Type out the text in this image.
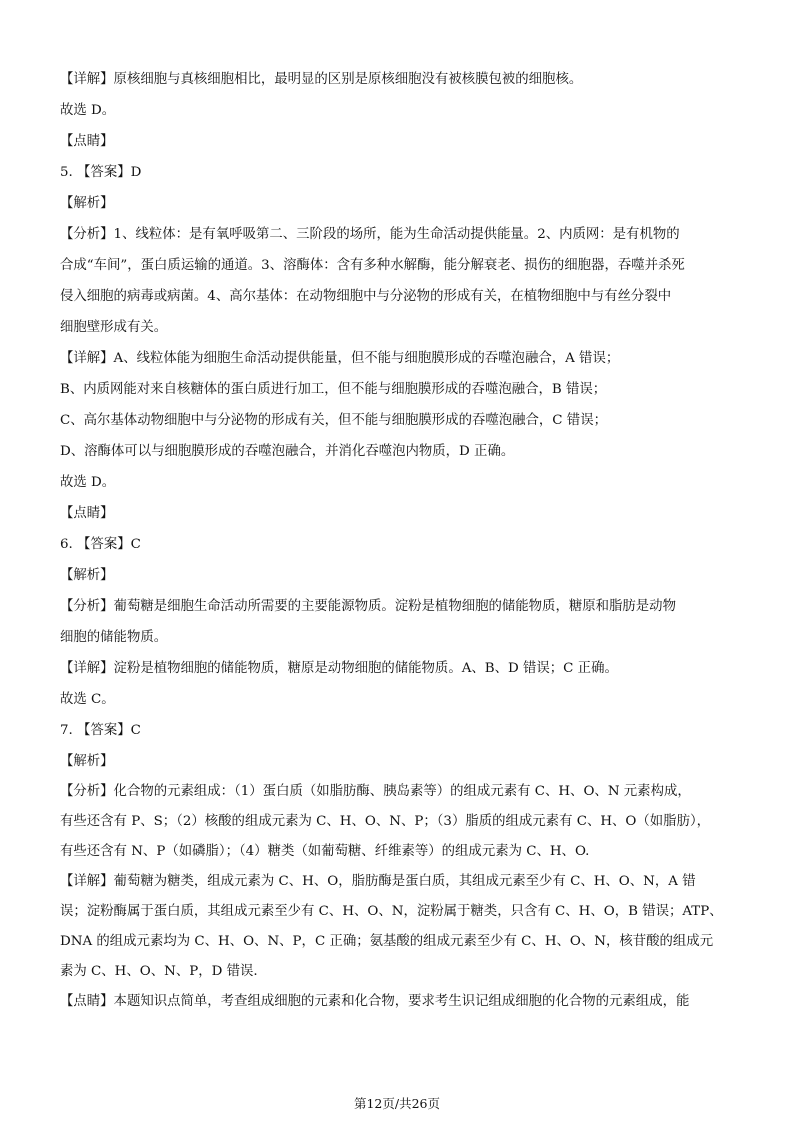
【详解】原核细胞与真核细胞相比，最明显的区别是原核细胞没有被核膜包被的细胞核。
故选 D。
【点睛】
5. 【答案】D
【解析】
【分析】1、线粒体：是有氧呼吸第二、三阶段的场所，能为生命活动提供能量。2、内质网：是有机物的
合成“车间”，蛋白质运输的通道。3、溶酶体：含有多种水解酶，能分解衰老、损伤的细胞器，吞噬并杀死
侵入细胞的病毒或病菌。4、高尔基体：在动物细胞中与分泌物的形成有关，在植物细胞中与有丝分裂中
细胞壁形成有关。
【详解】A、线粒体能为细胞生命活动提供能量，但不能与细胞膜形成的吞噬泡融合，A 错误；
B、内质网能对来自核糖体的蛋白质进行加工，但不能与细胞膜形成的吞噬泡融合，B 错误；
C、高尔基体动物细胞中与分泌物的形成有关，但不能与细胞膜形成的吞噬泡融合，C 错误；
D、溶酶体可以与细胞膜形成的吞噬泡融合，并消化吞噬泡内物质，D 正确。
故选 D。
【点睛】
6. 【答案】C
【解析】
【分析】葡萄糖是细胞生命活动所需要的主要能源物质。淀粉是植物细胞的储能物质，糖原和脂肪是动物
细胞的储能物质。
【详解】淀粉是植物细胞的储能物质，糖原是动物细胞的储能物质。A、B、D 错误；C 正确。
故选 C。
7. 【答案】C
【解析】
【分析】化合物的元素组成：（1）蛋白质（如脂肪酶、胰岛素等）的组成元素有 C、H、O、N 元素构成，
有些还含有 P、S；（2）核酸的组成元素为 C、H、O、N、P；（3）脂质的组成元素有 C、H、O（如脂肪），
有些还含有 N、P（如磷脂）；（4）糖类（如葡萄糖、纤维素等）的组成元素为 C、H、O.
【详解】葡萄糖为糖类，组成元素为 C、H、O，脂肪酶是蛋白质，其组成元素至少有 C、H、O、N，A 错
误；淀粉酶属于蛋白质，其组成元素至少有 C、H、O、N，淀粉属于糖类，只含有 C、H、O，B 错误；ATP、
DNA 的组成元素均为 C、H、O、N、P，C 正确；氨基酸的组成元素至少有 C、H、O、N，核苷酸的组成元
素为 C、H、O、N、P，D 错误.
【点睛】本题知识点简单，考查组成细胞的元素和化合物，要求考生识记组成细胞的化合物的元素组成，能
第12页/共26页
